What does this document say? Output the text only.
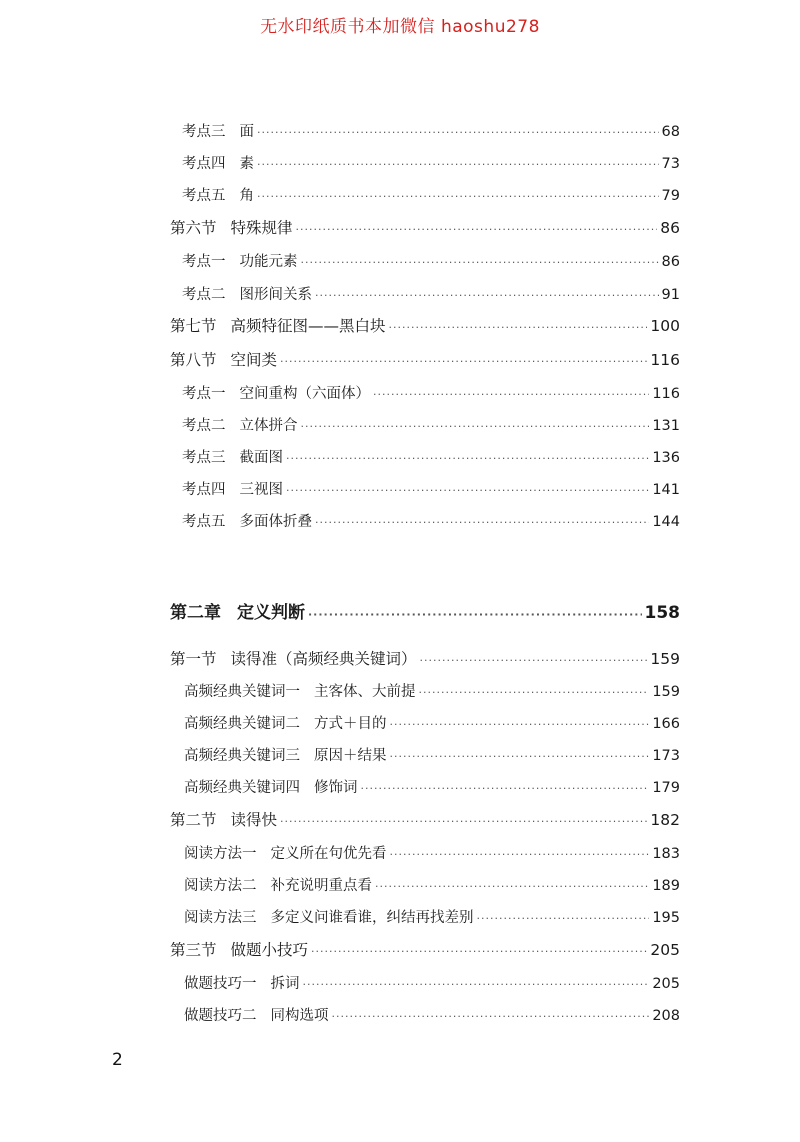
无水印纸质书本加微信 haoshu278
考点三 面 ·····	68
考点四 素 ·····	73
考点五 角 ·····	79
第六节 特殊规律 ·····	86
考点一 功能元素 ·····	86
考点二 图形间关系 ·····	91
第七节 高频特征图——黑白块 ·····	100
第八节 空间类 ·····	116
考点一 空间重构（六面体） ·····	116
考点二 立体拼合 ·····	131
考点三 截面图 ·····	136
考点四 三视图 ·····	141
考点五 多面体折叠 ·····	144
第二章 定义判断 ·····	158
第一节 读得准（高频经典关键词） ·····	159
高频经典关键词一 主客体、大前提 ·····	159
高频经典关键词二 方式＋目的 ·····	166
高频经典关键词三 原因＋结果 ·····	173
高频经典关键词四 修饰词 ·····	179
第二节 读得快 ·····	182
阅读方法一 定义所在句优先看 ·····	183
阅读方法二 补充说明重点看 ·····	189
阅读方法三 多定义问谁看谁，纠结再找差别 ·····	195
第三节 做题小技巧 ·····	205
做题技巧一 拆词 ·····	205
做题技巧二 同构选项 ·····	208
2
